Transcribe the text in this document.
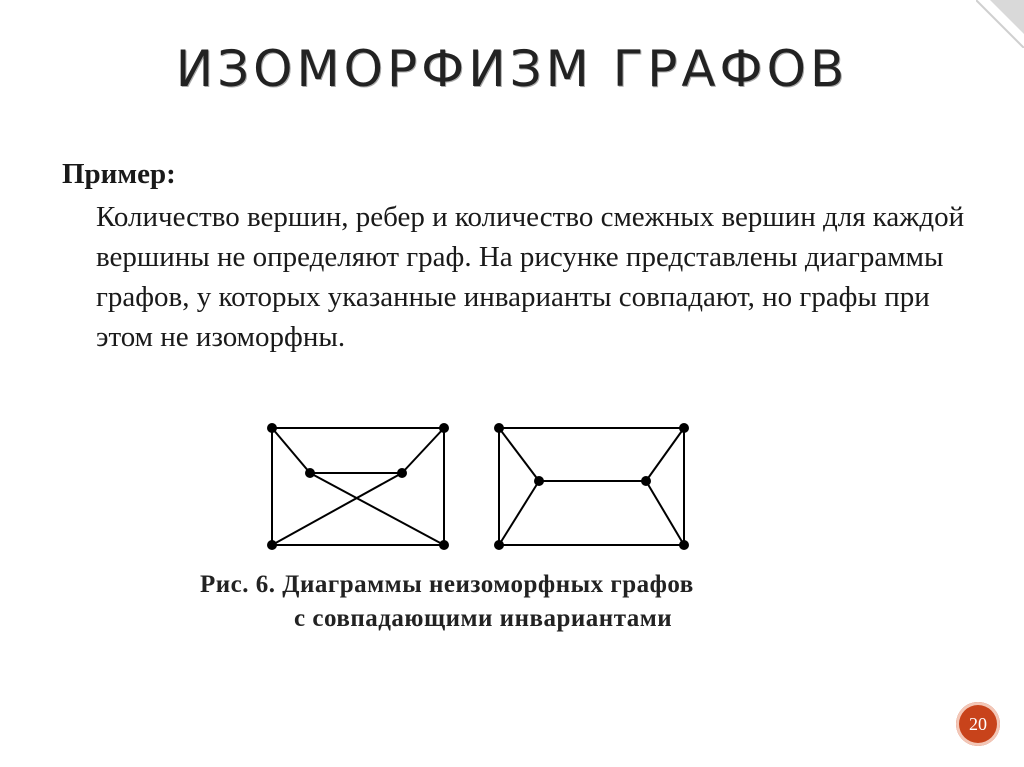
ИЗОМОРФИЗМ ГРАФОВ
Пример:
Количество вершин, ребер и количество смежных вершин для каждой вершины не определяют граф. На рисунке представлены диаграммы графов, у которых указанные инварианты совпадают, но графы при этом не изоморфны.
Рис. 6. Диаграммы неизоморфных графов
с совпадающими инвариантами
20
